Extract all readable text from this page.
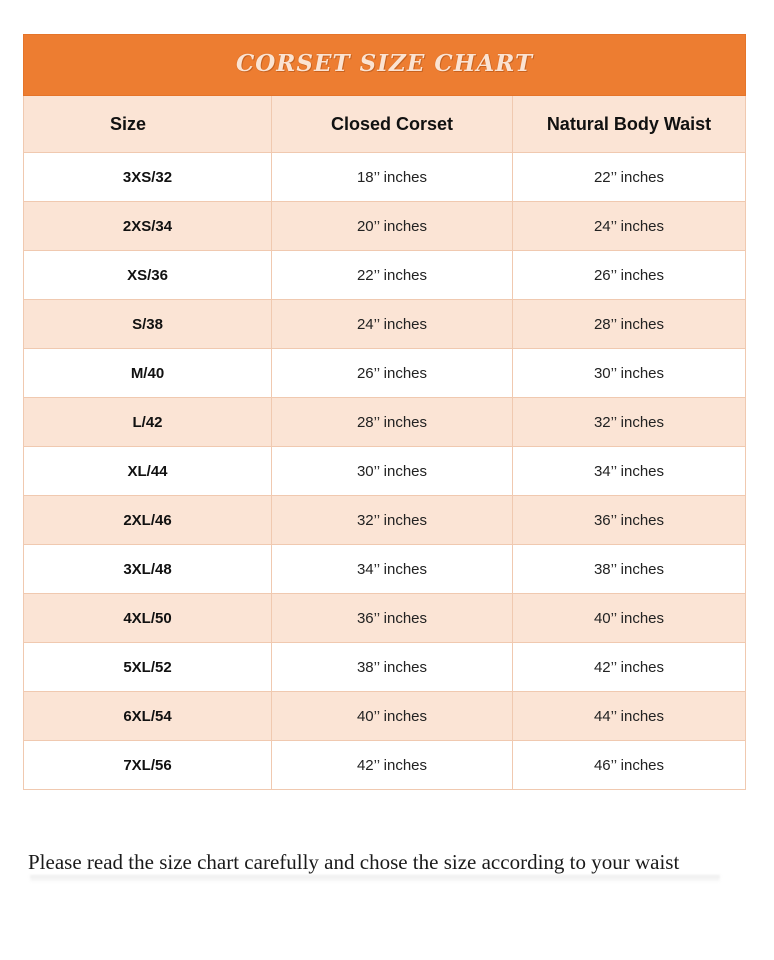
CORSET SIZE CHART		
Size	Closed Corset	Natural Body Waist
3XS/32	18’’ inches	22’’ inches
2XS/34	20’’ inches	24’’ inches
XS/36	22’’ inches	26’’ inches
S/38	24’’ inches	28’’ inches
M/40	26’’ inches	30’’ inches
L/42	28’’ inches	32’’ inches
XL/44	30’’ inches	34’’ inches
2XL/46	32’’ inches	36’’ inches
3XL/48	34’’ inches	38’’ inches
4XL/50	36’’ inches	40’’ inches
5XL/52	38’’ inches	42’’ inches
6XL/54	40’’ inches	44’’ inches
7XL/56	42’’ inches	46’’ inches
Please read the size chart carefully and chose the size according to your waist
